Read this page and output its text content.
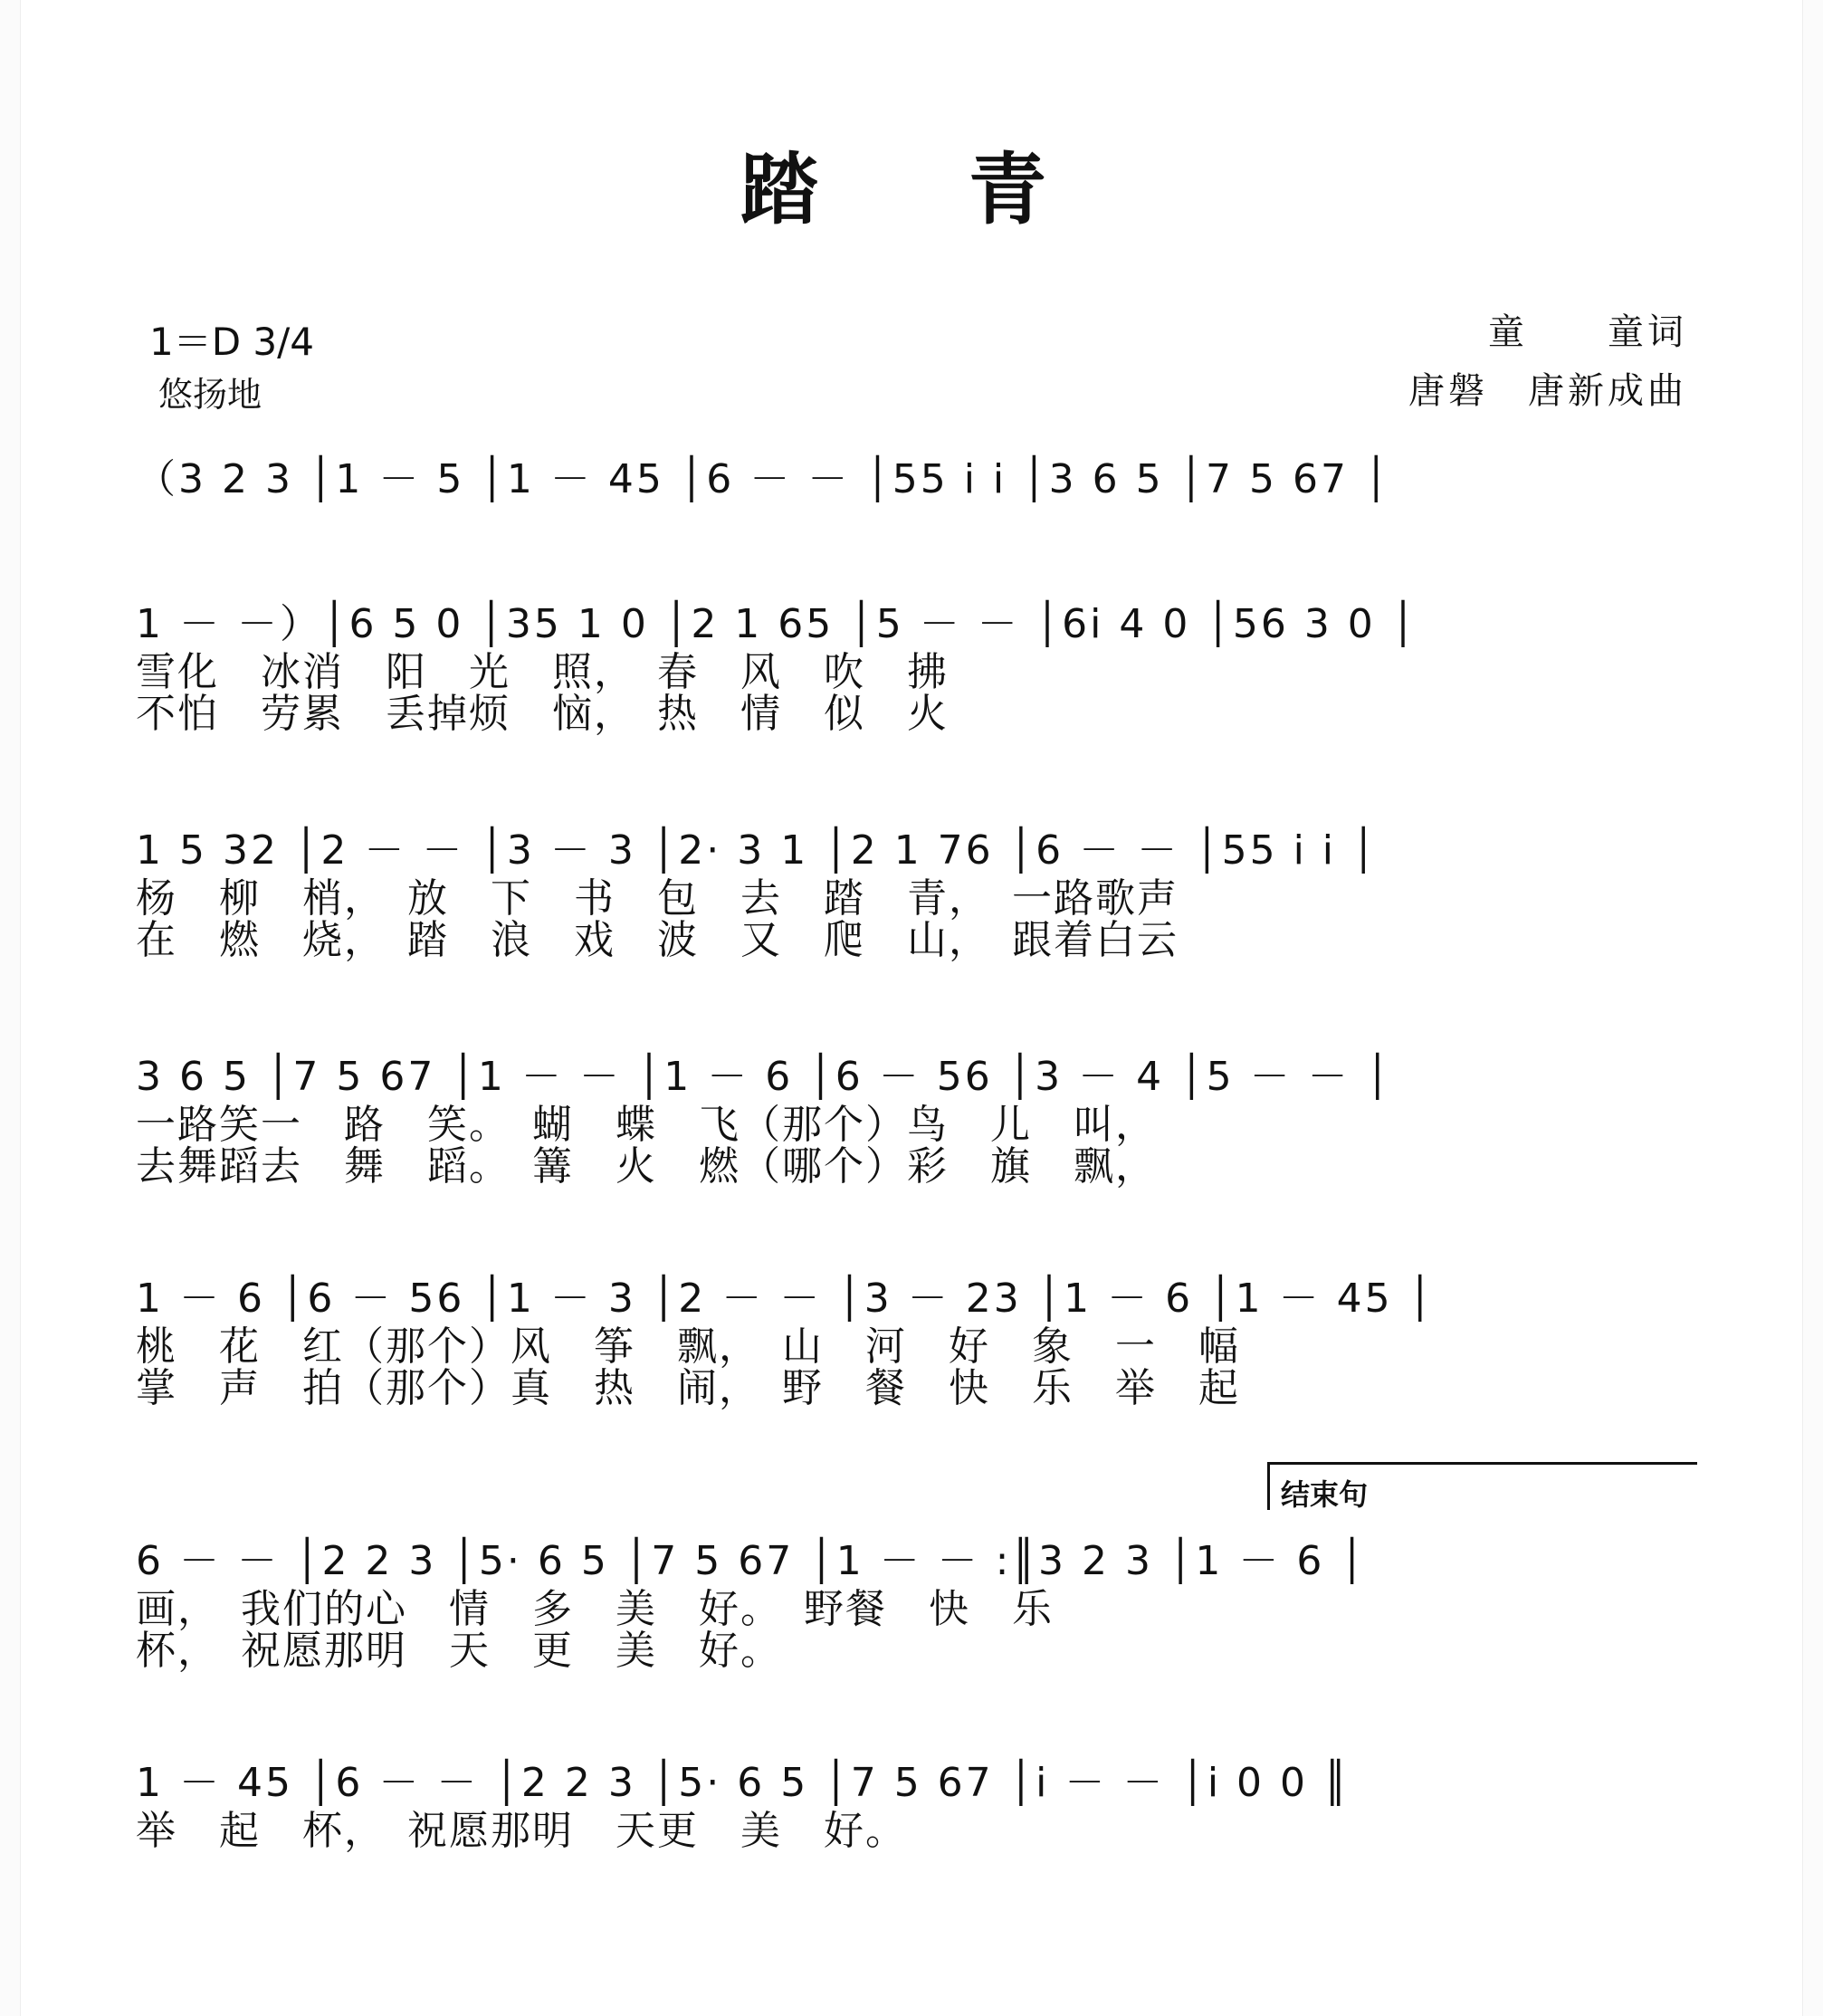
踏　青
1＝D 3/4
悠扬地
童　　童词
唐磐　唐新成曲
结束句
（3 2 3 │1 － 5 │1 － 45 │6 － － │55 i i │3 6 5 │7 5 67 │
1 － －）│6 5 0 │35 1 0 │2 1 65 │5 － － │6i 4 0 │56 3 0 │
雪化　冰消　阳　光　照，　春　风　吹　拂
不怕　劳累　丢掉烦　恼，　热　情　似　火
1 5 32 │2 － － │3 － 3 │2· 3 1 │2 1 76 │6 － － │55 i i │
杨　柳　梢，　放　下　书　包　去　踏　青，　一路歌声
在　燃　烧，　踏　浪　戏　波　又　爬　山，　跟着白云
3 6 5 │7 5 67 │1 － － │1 － 6 │6 － 56 │3 － 4 │5 － － │
一路笑一　路　笑。　蝴　蝶　飞（那个）鸟　儿　叫，
去舞蹈去　舞　蹈。　篝　火　燃（哪个）彩　旗　飘，
1 － 6 │6 － 56 │1 － 3 │2 － － │3 － 23 │1 － 6 │1 － 45 │
桃　花　红（那个）风　筝　飘，　山　河　好　象　一　幅
掌　声　拍（那个）真　热　闹，　野　餐　快　乐　举　起
6 － － │2 2 3 │5· 6 5 │7 5 67 │1 － － :║3 2 3 │1 － 6 │
画，　我们的心　情　多　美　好。　野餐　快　乐
杯，　祝愿那明　天　更　美　好。
1 － 45 │6 － － │2 2 3 │5· 6 5 │7 5 67 │i － － │i 0 0 ║
举　起　杯，　祝愿那明　天更　美　好。
